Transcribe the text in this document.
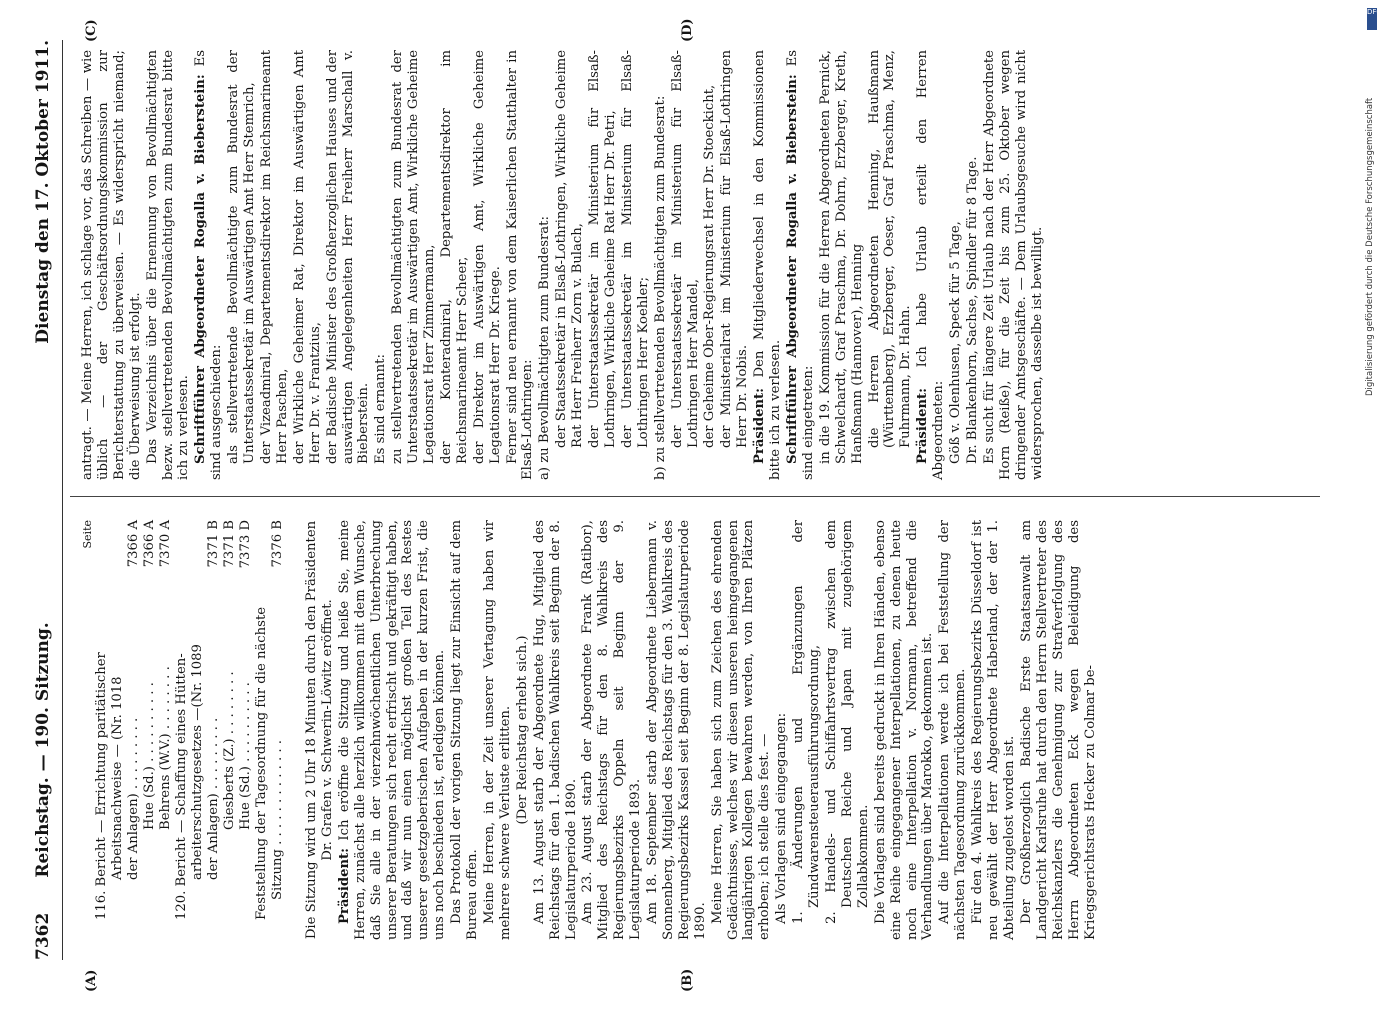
7362
Reichstag. — 190. Sitzung.
Dienstag den 17. Oktober 1911.
(A)	(B)
(C)	(D)
Seite
116. Bericht — Errichtung paritätischer Arbeitsnachweise — (Nr. 1018 der Anlagen) . . . . . . . . .
7366 A
Hue (Sd.) . . . . . . . . . .
7366 A
Behrens (W.V.) . . . . . . . .
7370 A
120. Bericht — Schaffung eines Hütten- arbeiterschutzgesetzes —(Nr. 1089 der Anlagen) . . . . . . . . .
7371 B
Giesberts (Z.) . . . . . . . .
7371 B
Hue (Sd.) . . . . . . . . . .
7373 D
Feststellung der Tagesordnung für die nächste Sitzung . . . . . . . . . . . . .
7376 B Die Sitzung wird um 2 Uhr 18 Minuten durch den Präsidenten Dr. Grafen v. Schwerin-Löwitz eröffnet.

Präsident: Ich eröffne die Sitzung und heiße Sie, meine Herren, zunächst alle herzlich willkommen mit dem Wunsche, daß Sie alle in der vierzehnwöchentlichen Unterbrechung unserer Beratungen sich recht erfrischt und gekräftigt haben, und daß wir nun einen möglichst großen Teil des Restes unserer gesetzgeberischen Aufgaben in der kurzen Frist, die uns noch beschieden ist, erledigen können. Das Protokoll der vorigen Sitzung liegt zur Einsicht auf dem Bureau offen. Meine Herren, in der Zeit unserer Vertagung haben wir mehrere schwere Verluste erlitten. (Der Reichstag erhebt sich.) Am 13. August starb der Abgeordnete Hug, Mitglied des Reichstags für den 1. badischen Wahlkreis seit Beginn der 8. Legislaturperiode 1890. Am 23. August starb der Abgeordnete Frank (Ratibor), Mitglied des Reichstags für den 8. Wahlkreis des Regierungsbezirks Oppeln seit Beginn der 9. Legislaturperiode 1893. Am 18. September starb der Abgeordnete Liebermann v. Sonnenberg, Mitglied des Reichstags für den 3. Wahlkreis des Regierungsbezirks Kassel seit Beginn der 8. Legislaturperiode 1890. Meine Herren, Sie haben sich zum Zeichen des ehrenden Gedächtnisses, welches wir diesen unseren heimgegangenen langjährigen Kollegen bewahren werden, von Ihren Plätzen erhoben; ich stelle dies fest. — Als Vorlagen sind eingegangen: 1. Änderungen und Ergänzungen der Zündwarensteuerausführungsordnung, 2. Handels- und Schiffahrtsvertrag zwischen dem Deutschen Reiche und Japan mit zugehörigem Zollabkommen. Die Vorlagen sind bereits gedruckt in Ihren Händen, ebenso eine Reihe eingegangener Interpellationen, zu denen heute noch eine Interpellation v. Normann, betreffend die Verhandlungen über Marokko, gekommen ist. Auf die Interpellationen werde ich bei Feststellung der nächsten Tagesordnung zurückkommen. Für den 4. Wahlkreis des Regierungsbezirks Düsseldorf ist neu gewählt der Herr Abgeordnete Haberland, der der 1. Abteilung zugelost worden ist. Der Großherzoglich Badische Erste Staatsanwalt am Landgericht Karlsruhe hat durch den Herrn Stellvertreter des Reichskanzlers die Genehmigung zur Strafverfolgung des Herrn Abgeordneten Eck wegen Beleidigung des Kriegsgerichtsrats Hecker zu Colmar be-

antragt. — Meine Herren, ich schlage vor, das Schreiben — wie üblich — der Geschäftsordnungskommission zur Berichterstattung zu überweisen. — Es widerspricht niemand; die Überweisung ist erfolgt. Das Verzeichnis über die Ernennung von Bevollmächtigten bezw. stellvertretenden Bevollmächtigten zum Bundesrat bitte ich zu verlesen. Schriftführer Abgeordneter Rogalla v. Bieberstein: Es sind ausgeschieden: als stellvertretende Bevollmächtigte zum Bundesrat der Unterstaatssekretär im Auswärtigen Amt Herr Stemrich, der Vizeadmiral, Departementsdirektor im Reichsmarineamt Herr Paschen, der Wirkliche Geheimer Rat, Direktor im Auswärtigen Amt Herr Dr. v. Frantzius, der Badische Minister des Großherzoglichen Hauses und der auswärtigen Angelegenheiten Herr Freiherr Marschall v. Bieberstein. Es sind ernannt: zu stellvertretenden Bevollmächtigten zum Bundesrat der Unterstaatssekretär im Auswärtigen Amt, Wirkliche Geheime Legationsrat Herr Zimmermann, der Konteradmiral, Departementsdirektor im Reichsmarineamt Herr Scheer, der Direktor im Auswärtigen Amt, Wirkliche Geheime Legationsrat Herr Dr. Kriege. Ferner sind neu ernannt von dem Kaiserlichen Statthalter in Elsaß-Lothringen: a) zu Bevollmächtigten zum Bundesrat: der Staatssekretär in Elsaß-Lothringen, Wirkliche Geheime Rat Herr Freiherr Zorn v. Bulach, der Unterstaatssekretär im Ministerium für Elsaß-Lothringen, Wirkliche Geheime Rat Herr Dr. Petri, der Unterstaatssekretär im Ministerium für Elsaß-Lothringen Herr Koehler; b) zu stellvertretenden Bevollmächtigten zum Bundesrat: der Unterstaatssekretär im Ministerium für Elsaß-Lothringen Herr Mandel, der Geheime Ober-Regierungsrat Herr Dr. Stoeckicht, der Ministerialrat im Ministerium für Elsaß-Lothringen Herr Dr. Nobis. Präsident: Den Mitgliederwechsel in den Kommissionen bitte ich zu verlesen. Schriftführer Abgeordneter Rogalla v. Bieberstein: Es sind eingetreten: in die 19. Kommission für die Herren Abgeordneten Pernick, Schwelchardt, Graf Praschma, Dr. Dohrn, Erzberger, Kreth, Hanßmann (Hannover), Henning die Herren Abgeordneten Henning, Haußmann (Württemberg), Erzberger, Oeser, Graf Praschma, Menz, Fuhrmann, Dr. Hahn. Präsident: Ich habe Urlaub erteilt den Herren Abgeordneten: Göß v. Olenhusen, Speck für 5 Tage, Dr. Blankenhorn, Sachse, Spindler für 8 Tage. Es sucht für längere Zeit Urlaub nach der Herr Abgeordnete Horn (Reiße), für die Zeit bis zum 25. Oktober wegen dringender Amtsgeschäfte. — Dem Urlaubsgesuche wird nicht widersprochen, dasselbe ist bewilligt.

DFG
Digitalisierung gefördert durch die Deutsche Forschungsgemeinschaft
